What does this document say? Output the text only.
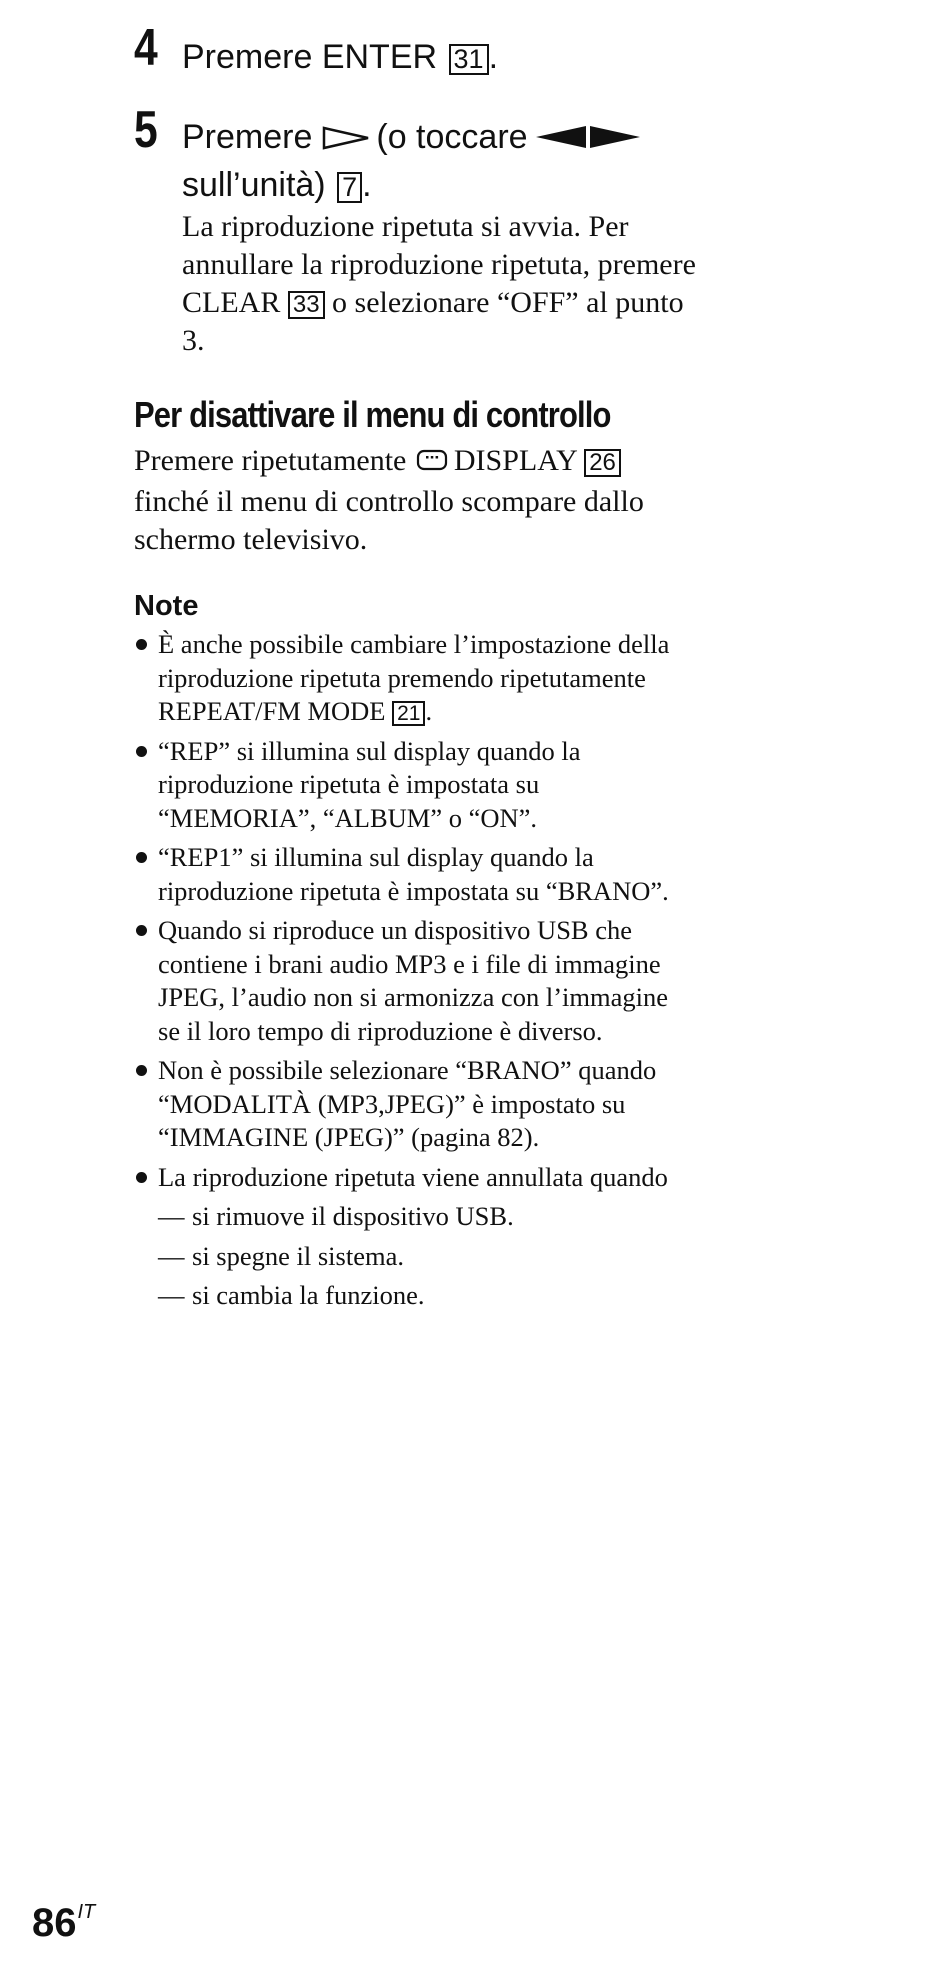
4 Premere ENTER 31 .
5 Premere (o toccare
sull’unità) 7 .
La riproduzione ripetuta si avvia. Per annullare la riproduzione ripetuta, premere CLEAR 33 o selezionare “OFF” al punto 3.
Per disattivare il menu di controllo
Premere ripetutamente DISPLAY 26 finché il menu di controllo scompare dallo schermo televisivo.
Note
È anche possibile cambiare l’impostazione della riproduzione ripetuta premendo ripetutamente REPEAT/FM MODE 21 .
“REP” si illumina sul display quando la riproduzione ripetuta è impostata su “MEMORIA”, “ALBUM” o “ON”.
“REP1” si illumina sul display quando la riproduzione ripetuta è impostata su “BRANO”.
Quando si riproduce un dispositivo USB che contiene i brani audio MP3 e i file di immagine JPEG, l’audio non si armonizza con l’immagine se il loro tempo di riproduzione è diverso.
Non è possibile selezionare “BRANO” quando “MODALITÀ (MP3,JPEG)” è impostato su “IMMAGINE (JPEG)” (pagina 82).
La riproduzione ripetuta viene annullata quando
— si rimuove il dispositivo USB.
— si spegne il sistema.
— si cambia la funzione.
$86^{IT}$
